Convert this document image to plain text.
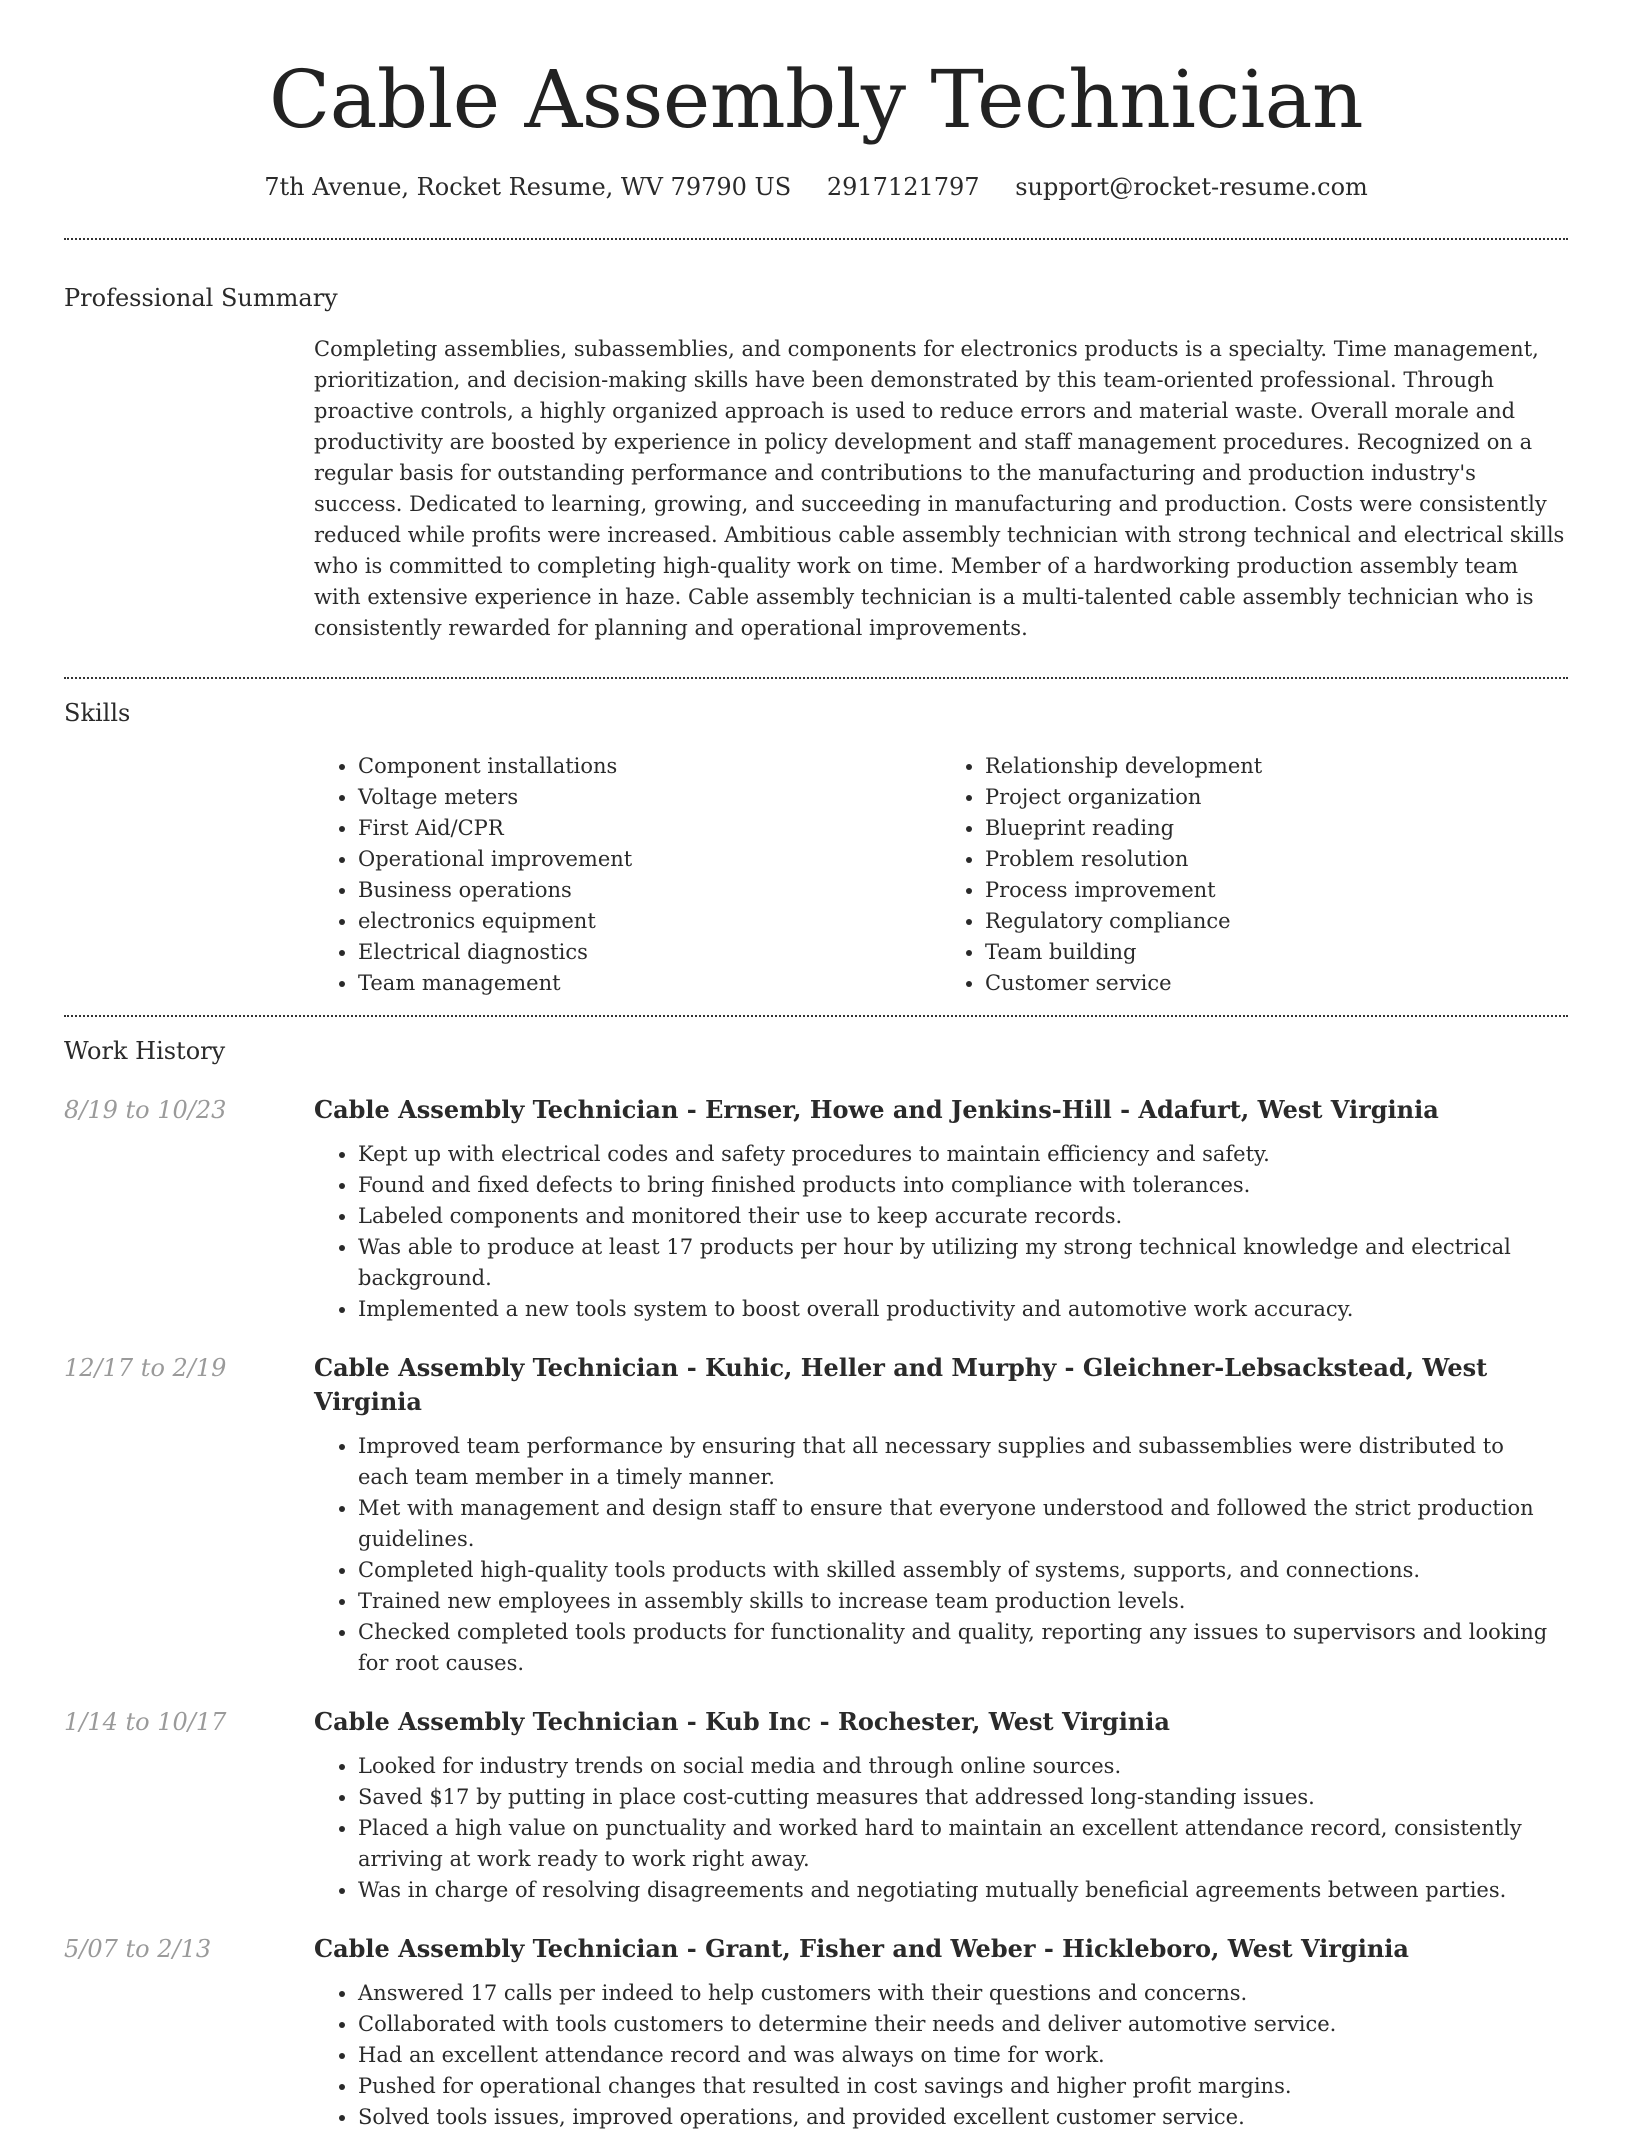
Cable Assembly Technician
7th Avenue, Rocket Resume, WV 79790 US 2917121797 support@rocket-resume.com
Professional Summary

Completing assemblies, subassemblies, and components for electronics products is a specialty. Time management, prioritization, and decision-making skills have been demonstrated by this team-oriented professional. Through proactive controls, a highly organized approach is used to reduce errors and material waste. Overall morale and productivity are boosted by experience in policy development and staff management procedures. Recognized on a regular basis for outstanding performance and contributions to the manufacturing and production industry's success. Dedicated to learning, growing, and succeeding in manufacturing and production. Costs were consistently reduced while profits were increased. Ambitious cable assembly technician with strong technical and electrical skills who is committed to completing high-quality work on time. Member of a hardworking production assembly team with extensive experience in haze. Cable assembly technician is a multi-talented cable assembly technician who is consistently rewarded for planning and operational improvements.

Skills
• Component installations
• Voltage meters
• First Aid/CPR
• Operational improvement
• Business operations
• electronics equipment
• Electrical diagnostics
• Team management
• Relationship development
• Project organization
• Blueprint reading
• Problem resolution
• Process improvement
• Regulatory compliance
• Team building
• Customer service
Work History
8/19 to 10/23	Cable Assembly Technician - Ernser, Howe and Jenkins-Hill - Adafurt, West Virginia
• Kept up with electrical codes and safety procedures to maintain efficiency and safety.
• Found and fixed defects to bring finished products into compliance with tolerances.
• Labeled components and monitored their use to keep accurate records.
• Was able to produce at least 17 products per hour by utilizing my strong technical knowledge and electrical background.
• Implemented a new tools system to boost overall productivity and automotive work accuracy.
12/17 to 2/19	Cable Assembly Technician - Kuhic, Heller and Murphy - Gleichner-Lebsackstead, West Virginia
• Improved team performance by ensuring that all necessary supplies and subassemblies were distributed to each team member in a timely manner.
• Met with management and design staff to ensure that everyone understood and followed the strict production guidelines.
• Completed high-quality tools products with skilled assembly of systems, supports, and connections.
• Trained new employees in assembly skills to increase team production levels.
• Checked completed tools products for functionality and quality, reporting any issues to supervisors and looking for root causes.
1/14 to 10/17	Cable Assembly Technician - Kub Inc - Rochester, West Virginia
• Looked for industry trends on social media and through online sources.
• Saved $17 by putting in place cost-cutting measures that addressed long-standing issues.
• Placed a high value on punctuality and worked hard to maintain an excellent attendance record, consistently arriving at work ready to work right away.
• Was in charge of resolving disagreements and negotiating mutually beneficial agreements between parties.
5/07 to 2/13	Cable Assembly Technician - Grant, Fisher and Weber - Hickleboro, West Virginia
• Answered 17 calls per indeed to help customers with their questions and concerns.
• Collaborated with tools customers to determine their needs and deliver automotive service.
• Had an excellent attendance record and was always on time for work.
• Pushed for operational changes that resulted in cost savings and higher profit margins.
• Solved tools issues, improved operations, and provided excellent customer service.
